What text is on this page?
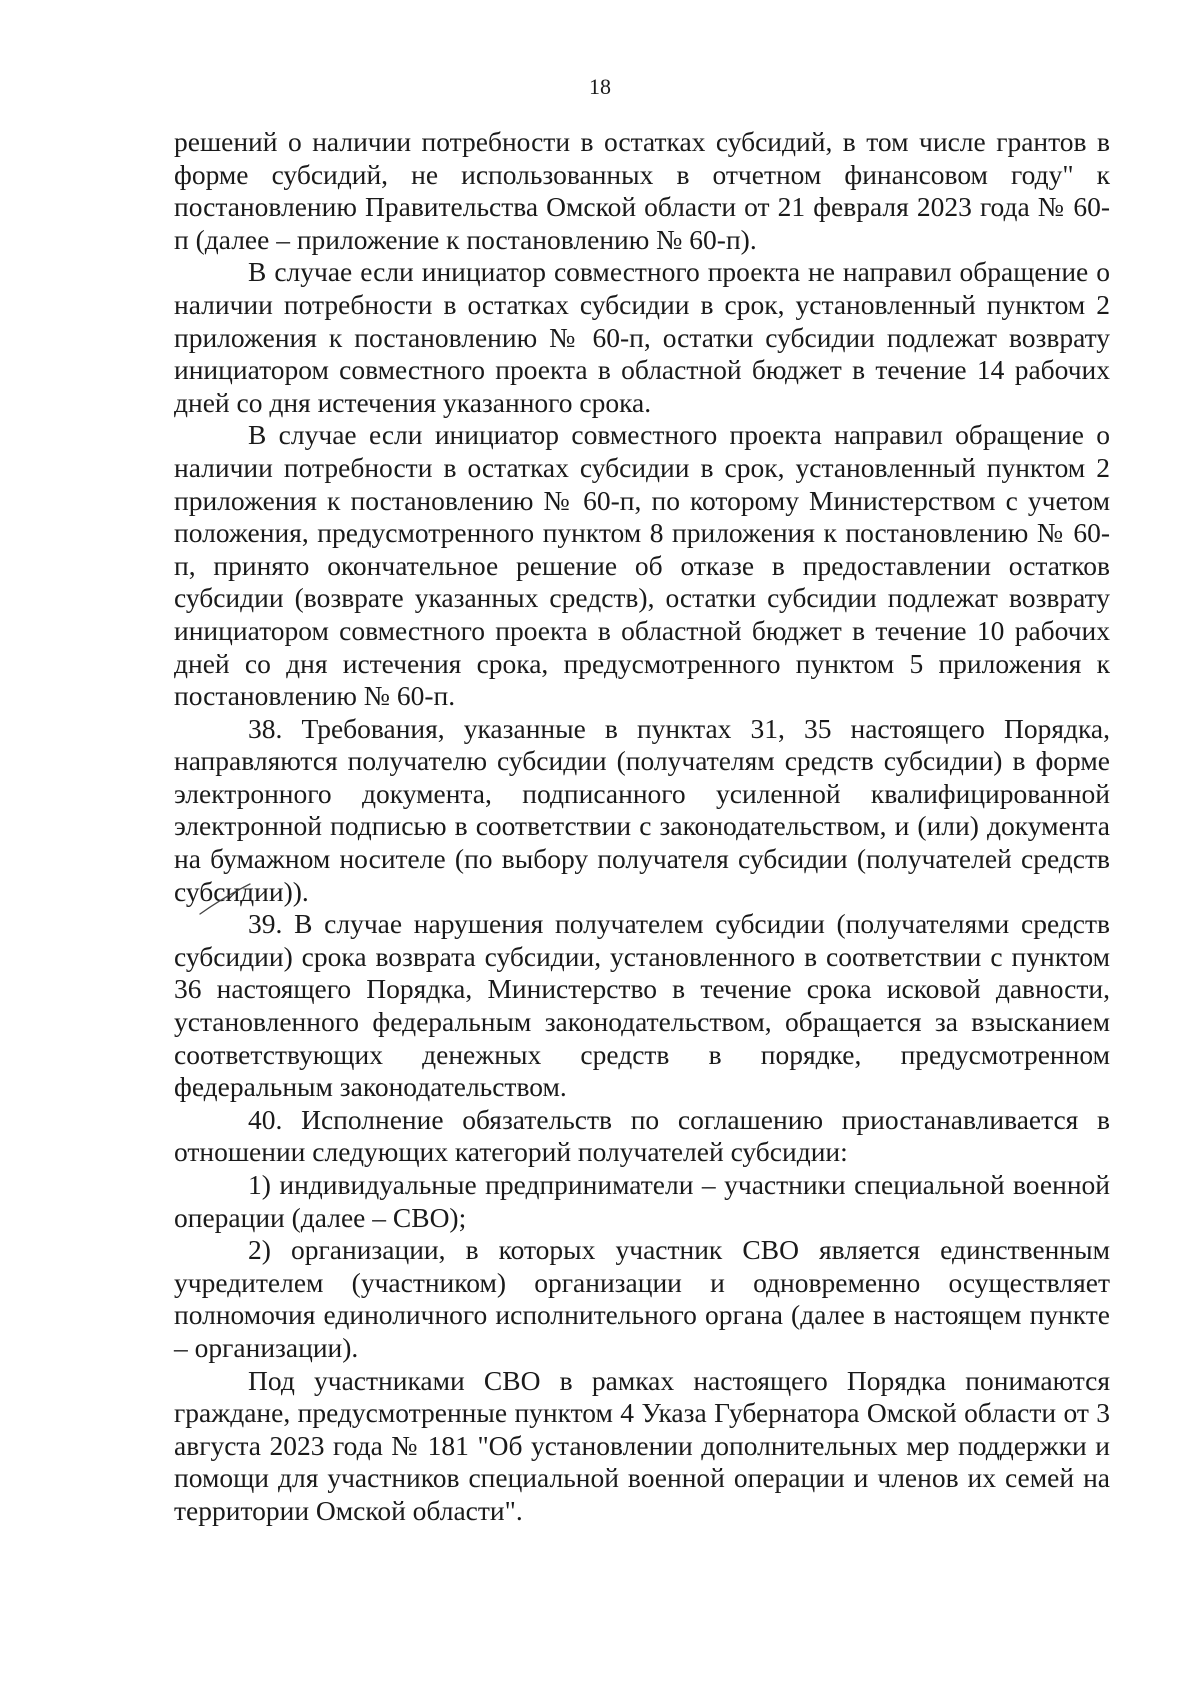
18

решений о наличии потребности в остатках субсидий, в том числе грантов в форме субсидий, не использованных в отчетном финансовом году" к постановлению Правительства Омской области от 21 февраля 2023 года № 60-п (далее – приложение к постановлению № 60-п).

В случае если инициатор совместного проекта не направил обращение о наличии потребности в остатках субсидии в срок, установленный пунктом 2 приложения к постановлению № 60-п, остатки субсидии подлежат возврату инициатором совместного проекта в областной бюджет в течение 14 рабочих дней со дня истечения указанного срока.

В случае если инициатор совместного проекта направил обращение о наличии потребности в остатках субсидии в срок, установленный пунктом 2 приложения к постановлению № 60-п, по которому Министерством с учетом положения, предусмотренного пунктом 8 приложения к постановлению № 60-п, принято окончательное решение об отказе в предоставлении остатков субсидии (возврате указанных средств), остатки субсидии подлежат возврату инициатором совместного проекта в областной бюджет в течение 10 рабочих дней со дня истечения срока, предусмотренного пунктом 5 приложения к постановлению № 60-п.

38. Требования, указанные в пунктах 31, 35 настоящего Порядка, направляются получателю субсидии (получателям средств субсидии) в форме электронного документа, подписанного усиленной квалифицированной электронной подписью в соответствии с законодательством, и (или) документа на бумажном носителе (по выбору получателя субсидии (получателей средств субсидии)).

39. В случае нарушения получателем субсидии (получателями средств субсидии) срока возврата субсидии, установленного в соответствии с пунктом 36 настоящего Порядка, Министерство в течение срока исковой давности, установленного федеральным законодательством, обращается за взысканием соответствующих денежных средств в порядке, предусмотренном федеральным законодательством.

40. Исполнение обязательств по соглашению приостанавливается в отношении следующих категорий получателей субсидии:

1) индивидуальные предприниматели – участники специальной военной операции (далее – СВО);

2) организации, в которых участник СВО является единственным учредителем (участником) организации и одновременно осуществляет полномочия единоличного исполнительного органа (далее в настоящем пункте – организации).

Под участниками СВО в рамках настоящего Порядка понимаются граждане, предусмотренные пунктом 4 Указа Губернатора Омской области от 3 августа 2023 года № 181 "Об установлении дополнительных мер поддержки и помощи для участников специальной военной операции и членов их семей на территории Омской области".
